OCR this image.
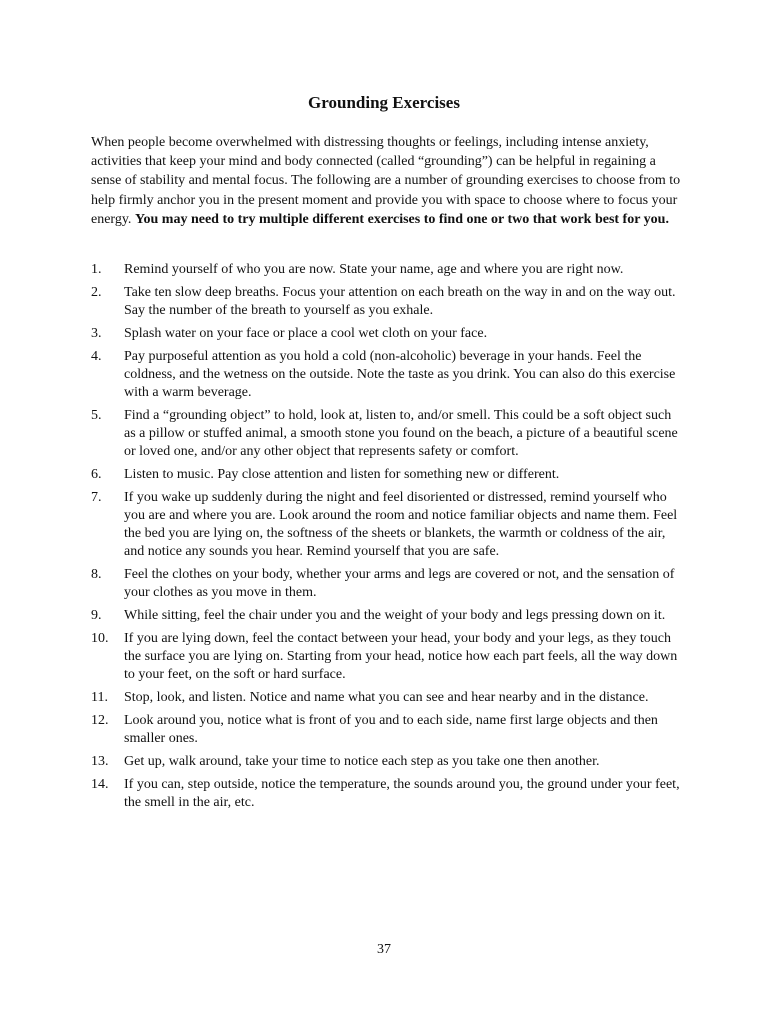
Grounding Exercises

When people become overwhelmed with distressing thoughts or feelings, including intense anxiety, activities that keep your mind and body connected (called “grounding”) can be helpful in regaining a sense of stability and mental focus. The following are a number of grounding exercises to choose from to help firmly anchor you in the present moment and provide you with space to choose where to focus your energy. You may need to try multiple different exercises to find one or two that work best for you.

1. Remind yourself of who you are now. State your name, age and where you are right now.
2. Take ten slow deep breaths. Focus your attention on each breath on the way in and on the way out. Say the number of the breath to yourself as you exhale.
3. Splash water on your face or place a cool wet cloth on your face.
4. Pay purposeful attention as you hold a cold (non-alcoholic) beverage in your hands. Feel the coldness, and the wetness on the outside. Note the taste as you drink. You can also do this exercise with a warm beverage.
5. Find a “grounding object” to hold, look at, listen to, and/or smell. This could be a soft object such as a pillow or stuffed animal, a smooth stone you found on the beach, a picture of a beautiful scene or loved one, and/or any other object that represents safety or comfort.
6. Listen to music. Pay close attention and listen for something new or different.
7. If you wake up suddenly during the night and feel disoriented or distressed, remind yourself who you are and where you are. Look around the room and notice familiar objects and name them. Feel the bed you are lying on, the softness of the sheets or blankets, the warmth or coldness of the air, and notice any sounds you hear. Remind yourself that you are safe.
8. Feel the clothes on your body, whether your arms and legs are covered or not, and the sensation of your clothes as you move in them.
9. While sitting, feel the chair under you and the weight of your body and legs pressing down on it.
10. If you are lying down, feel the contact between your head, your body and your legs, as they touch the surface you are lying on. Starting from your head, notice how each part feels, all the way down to your feet, on the soft or hard surface.
11. Stop, look, and listen. Notice and name what you can see and hear nearby and in the distance.
12. Look around you, notice what is front of you and to each side, name first large objects and then smaller ones.
13. Get up, walk around, take your time to notice each step as you take one then another.
14. If you can, step outside, notice the temperature, the sounds around you, the ground under your feet, the smell in the air, etc.
37
